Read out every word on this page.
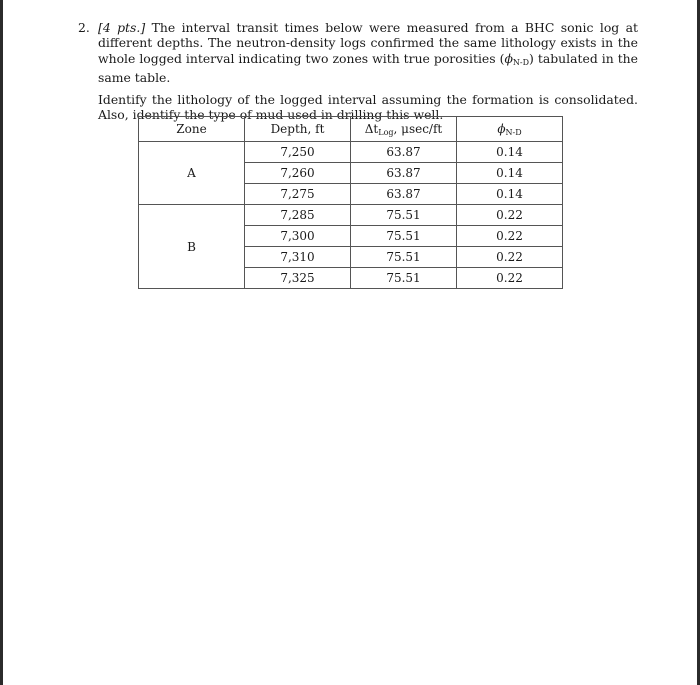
2. [4 pts.] The interval transit times below were measured from a BHC sonic log at different depths. The neutron-density logs confirmed the same lithology exists in the whole logged interval indicating two zones with true porosities $(\phi_{N-D})$ tabulated in the same table.

Identify the lithology of the logged interval assuming the formation is consolidated. Also, identify the type of mud used in drilling this well.

Zone	Depth, ft	$\Delta t_{Log}$, μsec/ft	$\phi_{N-D}$
A	7,250	63.87	0.14
	7,260	63.87	0.14
	7,275	63.87	0.14
B	7,285	75.51	0.22
	7,300	75.51	0.22
	7,310	75.51	0.22
	7,325	75.51	0.22
